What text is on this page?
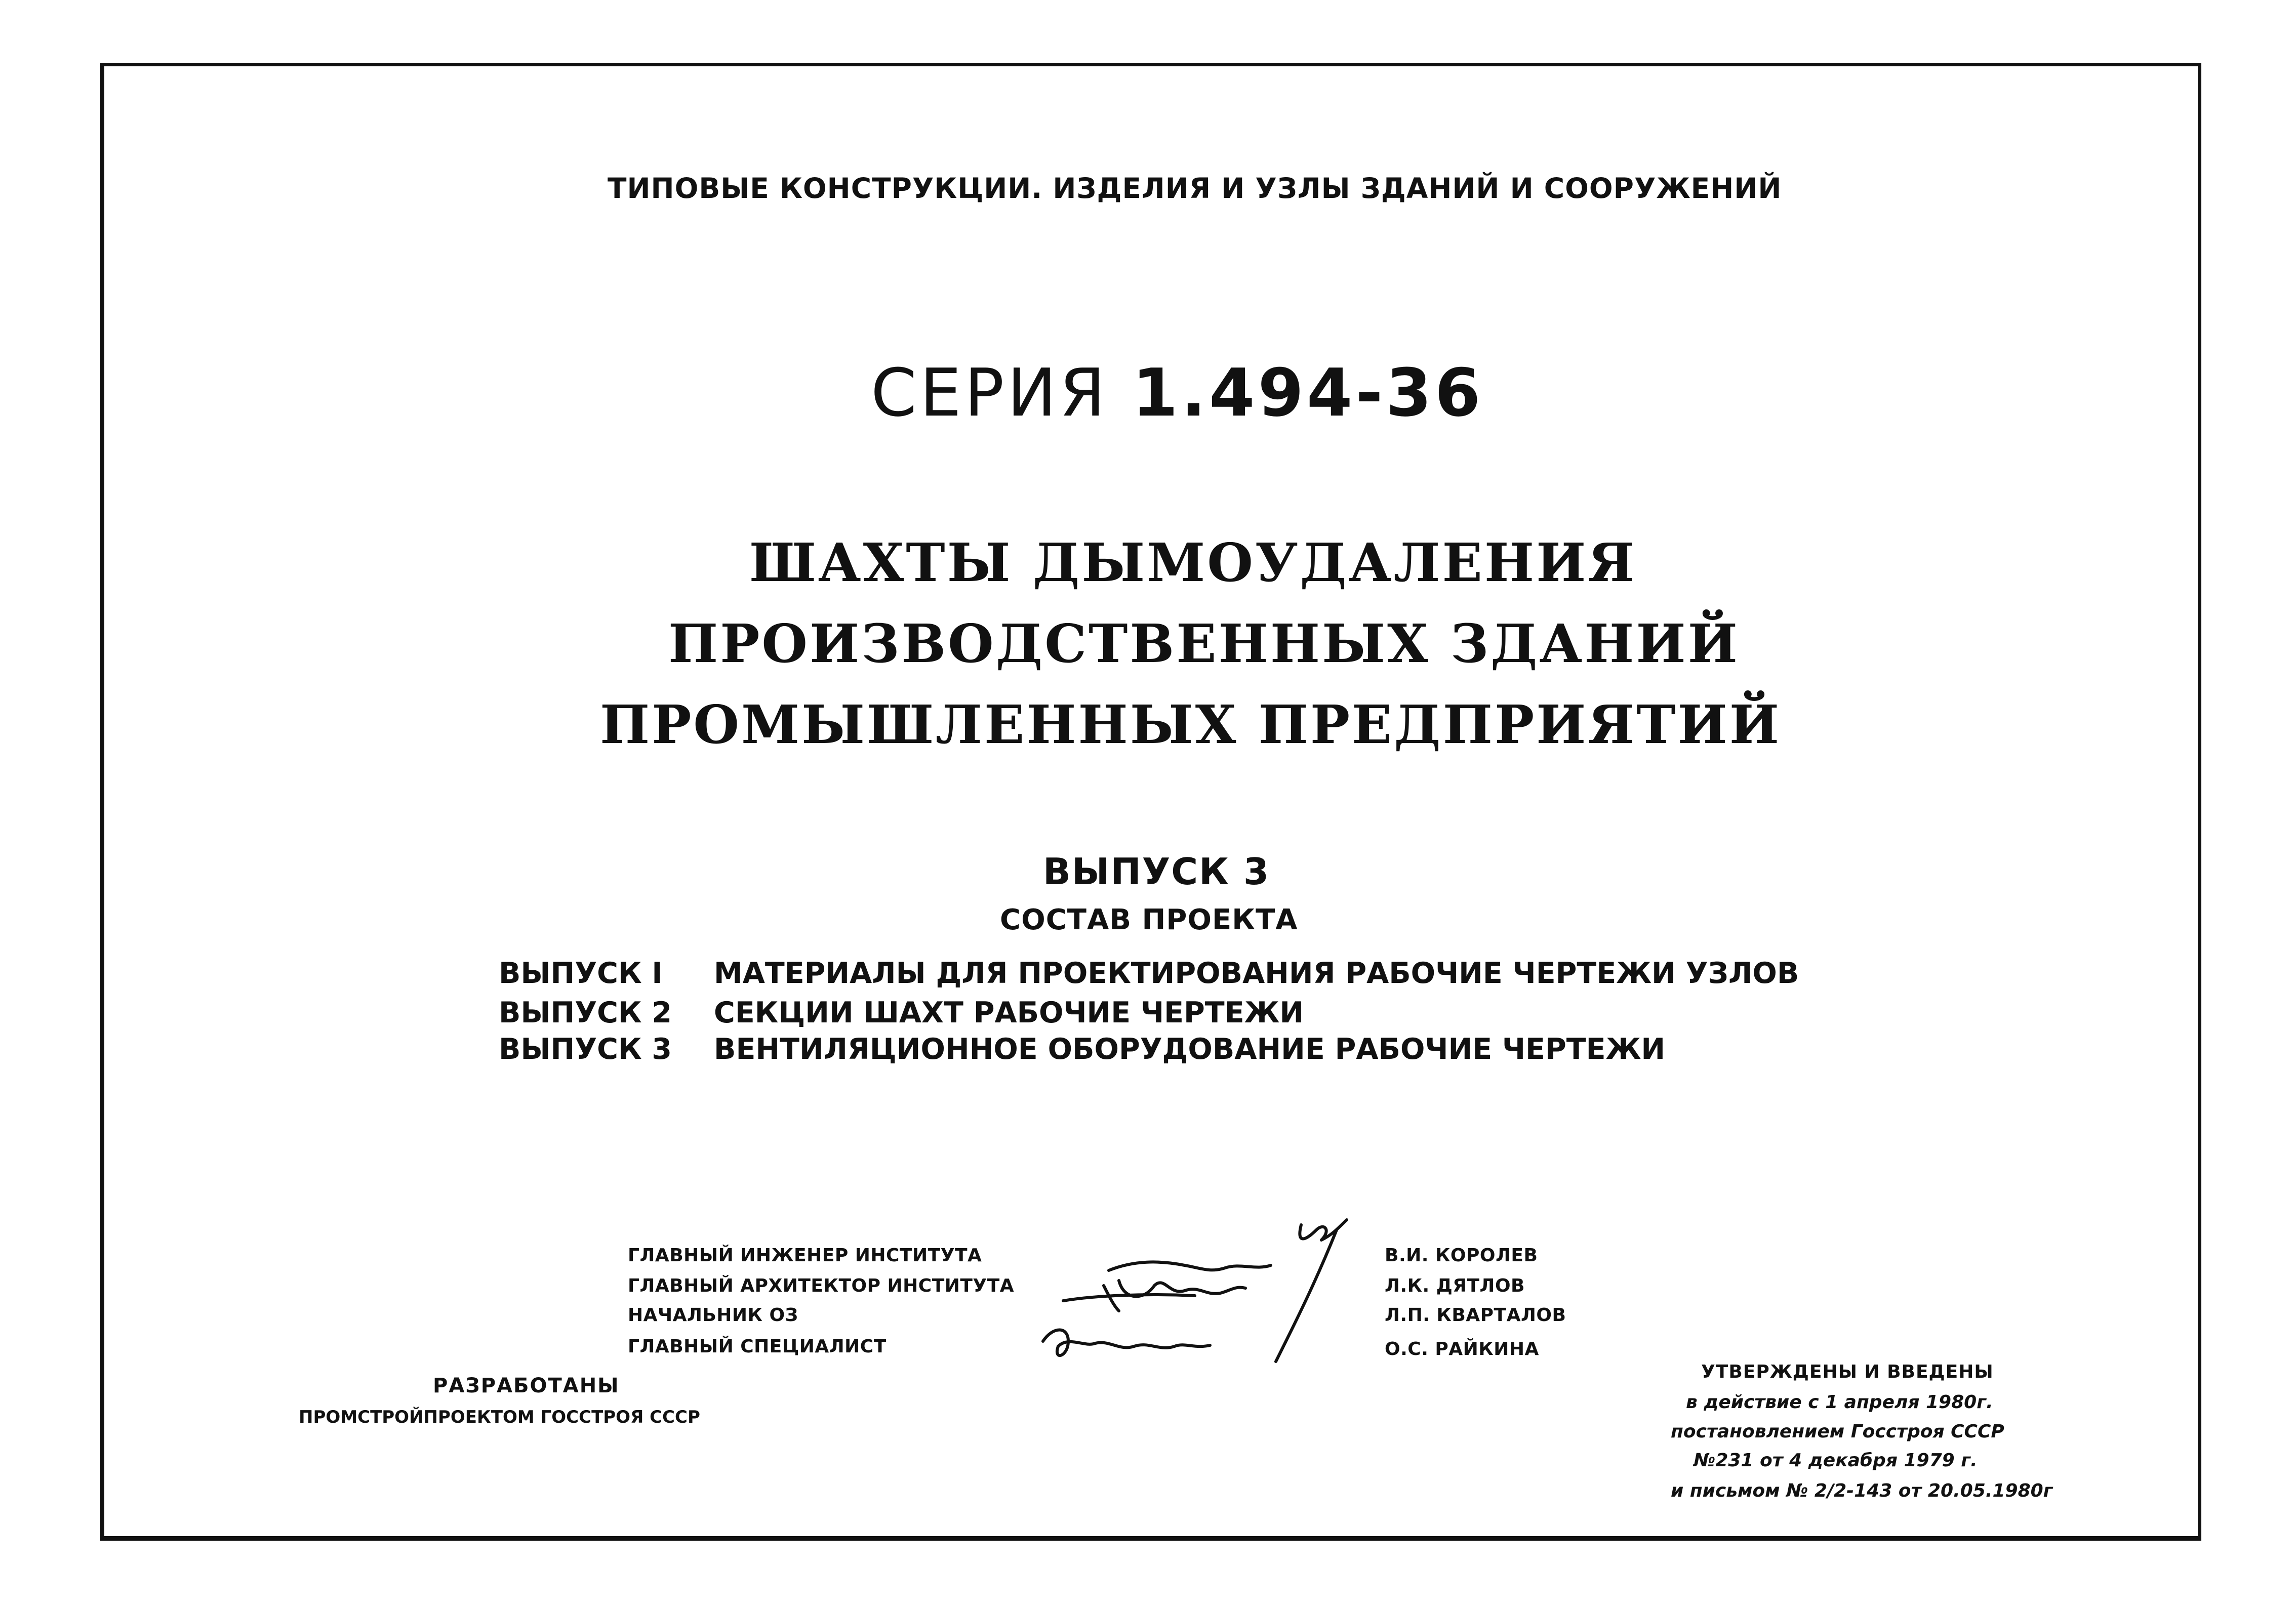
ТИПОВЫЕ КОНСТРУКЦИИ. ИЗДЕЛИЯ И УЗЛЫ ЗДАНИЙ И СООРУЖЕНИЙ
СЕРИЯ 1.494-36
ШАХТЫ ДЫМОУДАЛЕНИЯ
ПРОИЗВОДСТВЕННЫХ ЗДАНИЙ
ПРОМЫШЛЕННЫХ ПРЕДПРИЯТИЙ
ВЫПУСК 3
СОСТАВ ПРОЕКТА
ВЫПУСК I МАТЕРИАЛЫ ДЛЯ ПРОЕКТИРОВАНИЯ РАБОЧИЕ ЧЕРТЕЖИ УЗЛОВ
ВЫПУСК 2 СЕКЦИИ ШАХТ РАБОЧИЕ ЧЕРТЕЖИ
ВЫПУСК 3 ВЕНТИЛЯЦИОННОЕ ОБОРУДОВАНИЕ РАБОЧИЕ ЧЕРТЕЖИ
ГЛАВНЫЙ ИНЖЕНЕР ИНСТИТУТА
ГЛАВНЫЙ АРХИТЕКТОР ИНСТИТУТА
НАЧАЛЬНИК ОЗ
ГЛАВНЫЙ СПЕЦИАЛИСТ
В.И. КОРОЛЕВ
Л.К. ДЯТЛОВ
Л.П. КВАРТАЛОВ
О.С. РАЙКИНА
РАЗРАБОТАНЫ
ПРОМСТРОЙПРОЕКТОМ ГОССТРОЯ СССР
УТВЕРЖДЕНЫ И ВВЕДЕНЫ
в действие с 1 апреля 1980г.
постановлением Госстроя СССР
№231 от 4 декабря 1979 г.
и письмом № 2/2-143 от 20.05.1980г
